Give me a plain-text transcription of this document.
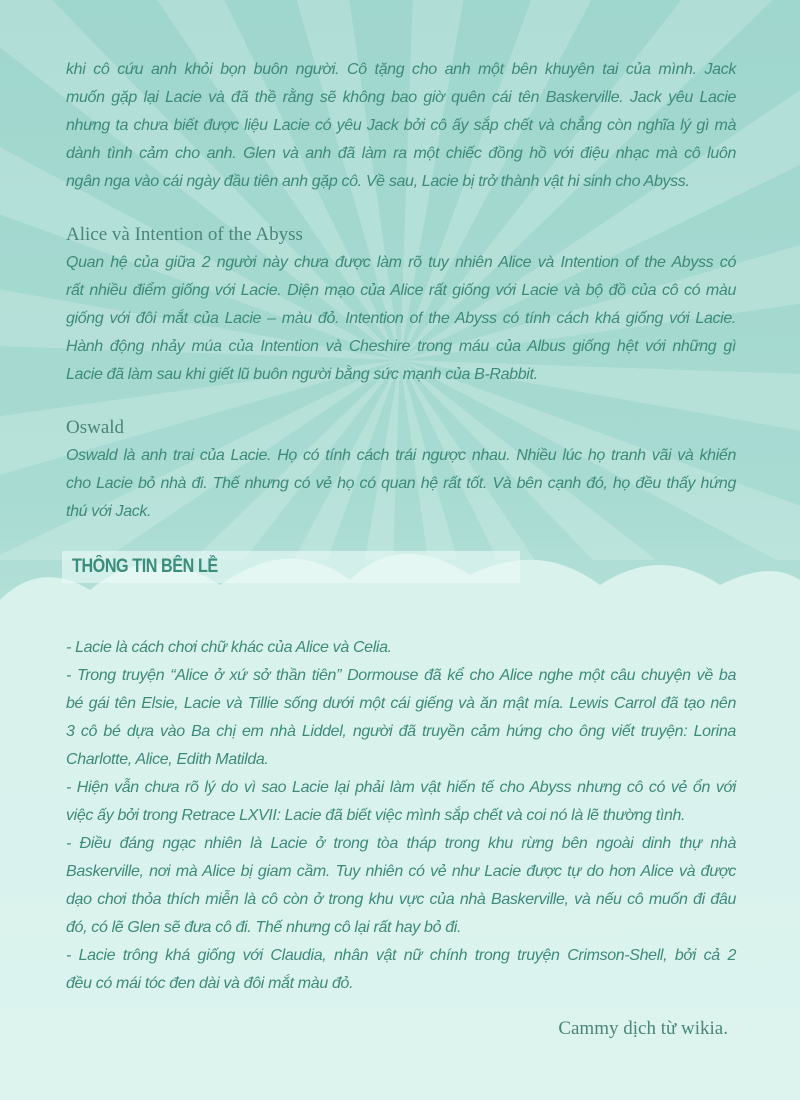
khi cô cứu anh khỏi bọn buôn người. Cô tặng cho anh một bên khuyên tai của mình. Jack
muốn gặp lại Lacie và đã thề rằng sẽ không bao giờ quên cái tên Baskerville. Jack yêu Lacie
nhưng ta chưa biết được liệu Lacie có yêu Jack bởi cô ấy sắp chết và chẳng còn nghĩa lý gì mà
dành tình cảm cho anh. Glen và anh đã làm ra một chiếc đồng hồ với điệu nhạc mà cô luôn
ngân nga vào cái ngày đầu tiên anh gặp cô. Về sau, Lacie bị trở thành vật hi sinh cho Abyss.
Alice và Intention of the Abyss
Quan hệ của giữa 2 người này chưa được làm rõ tuy nhiên Alice và Intention of the Abyss có
rất nhiều điểm giống với Lacie. Diện mạo của Alice rất giống với Lacie và bộ đồ của cô có màu
giống với đôi mắt của Lacie – màu đỏ. Intention of the Abyss có tính cách khá giống với Lacie.
Hành động nhảy múa của Intention và Cheshire trong máu của Albus giống hệt với những gì
Lacie đã làm sau khi giết lũ buôn người bằng sức mạnh của B-Rabbit.
Oswald
Oswald là anh trai của Lacie. Họ có tính cách trái ngược nhau. Nhiều lúc họ tranh vãi và khiến
cho Lacie bỏ nhà đi. Thế nhưng có vẻ họ có quan hệ rất tốt. Và bên cạnh đó, họ đều thấy hứng
thú với Jack.
THÔNG TIN BÊN LỀ
- Lacie là cách chơi chữ khác của Alice và Celia.
- Trong truyện “Alice ở xứ sở thần tiên” Dormouse đã kể cho Alice nghe một câu chuyện về ba
bé gái tên Elsie, Lacie và Tillie sống dưới một cái giếng và ăn mật mía. Lewis Carrol đã tạo nên
3 cô bé dựa vào Ba chị em nhà Liddel, người đã truyền cảm hứng cho ông viết truyện: Lorina
Charlotte, Alice, Edith Matilda.
- Hiện vẫn chưa rõ lý do vì sao Lacie lại phải làm vật hiến tế cho Abyss nhưng cô có vẻ ổn với
việc ấy bởi trong Retrace LXVII: Lacie đã biết việc mình sắp chết và coi nó là lẽ thường tình.
- Điều đáng ngạc nhiên là Lacie ở trong tòa tháp trong khu rừng bên ngoài dinh thự nhà
Baskerville, nơi mà Alice bị giam cầm. Tuy nhiên có vẻ như Lacie được tự do hơn Alice và được
dạo chơi thỏa thích miễn là cô còn ở trong khu vực của nhà Baskerville, và nếu cô muốn đi đâu
đó, có lẽ Glen sẽ đưa cô đi. Thế nhưng cô lại rất hay bỏ đi.
- Lacie trông khá giống với Claudia, nhân vật nữ chính trong truyện Crimson-Shell, bởi cả 2
đều có mái tóc đen dài và đôi mắt màu đỏ.
Cammy dịch từ wikia.
